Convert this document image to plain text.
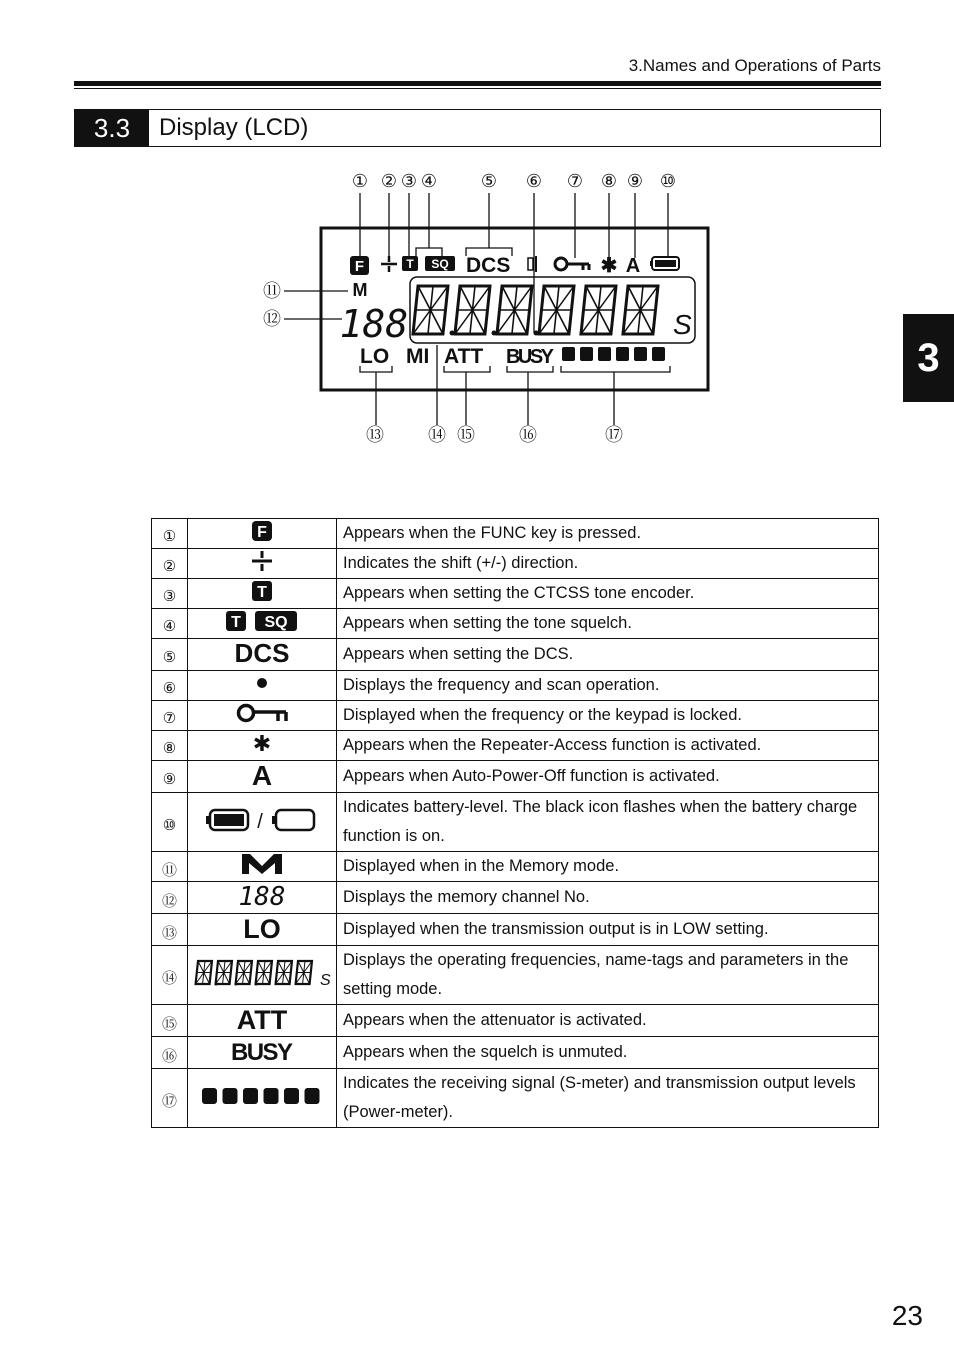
3.Names and Operations of Parts
3.3	Display (LCD)
3
① ② ③ ④ ⑤ ⑥ ⑦ ⑧ ⑨ ⑩
⑪
⑫
⑬ ⑭ ⑮ ⑯	⑰
F	T SQ DCS	✱ A
M
188	S
LO MI ATT BUSY
①	F	Appears when the FUNC key is pressed.
②		Indicates the shift (+/-) direction.
③	T	Appears when setting the CTCSS tone encoder.
④	T SQ	Appears when setting the tone squelch.
⑤	DCS	Appears when setting the DCS.
⑥		Displays the frequency and scan operation.
⑦		Displayed when the frequency or the keypad is locked.
⑧	✱	Appears when the Repeater-Access function is activated.
⑨	A	Appears when Auto-Power-Off function is activated.
⑩	/	Indicates battery-level. The black icon flashes when the battery charge function is on.
⑪		Displayed when in the Memory mode.
⑫	188	Displays the memory channel No.
⑬	LO	Displayed when the transmission output is in LOW setting.
⑭	S	Displays the operating frequencies, name-tags and parameters in the setting mode.
⑮	ATT	Appears when the attenuator is activated.
⑯	BUSY	Appears when the squelch is unmuted.
⑰		Indicates the receiving signal (S-meter) and transmission output levels (Power-meter).
23
